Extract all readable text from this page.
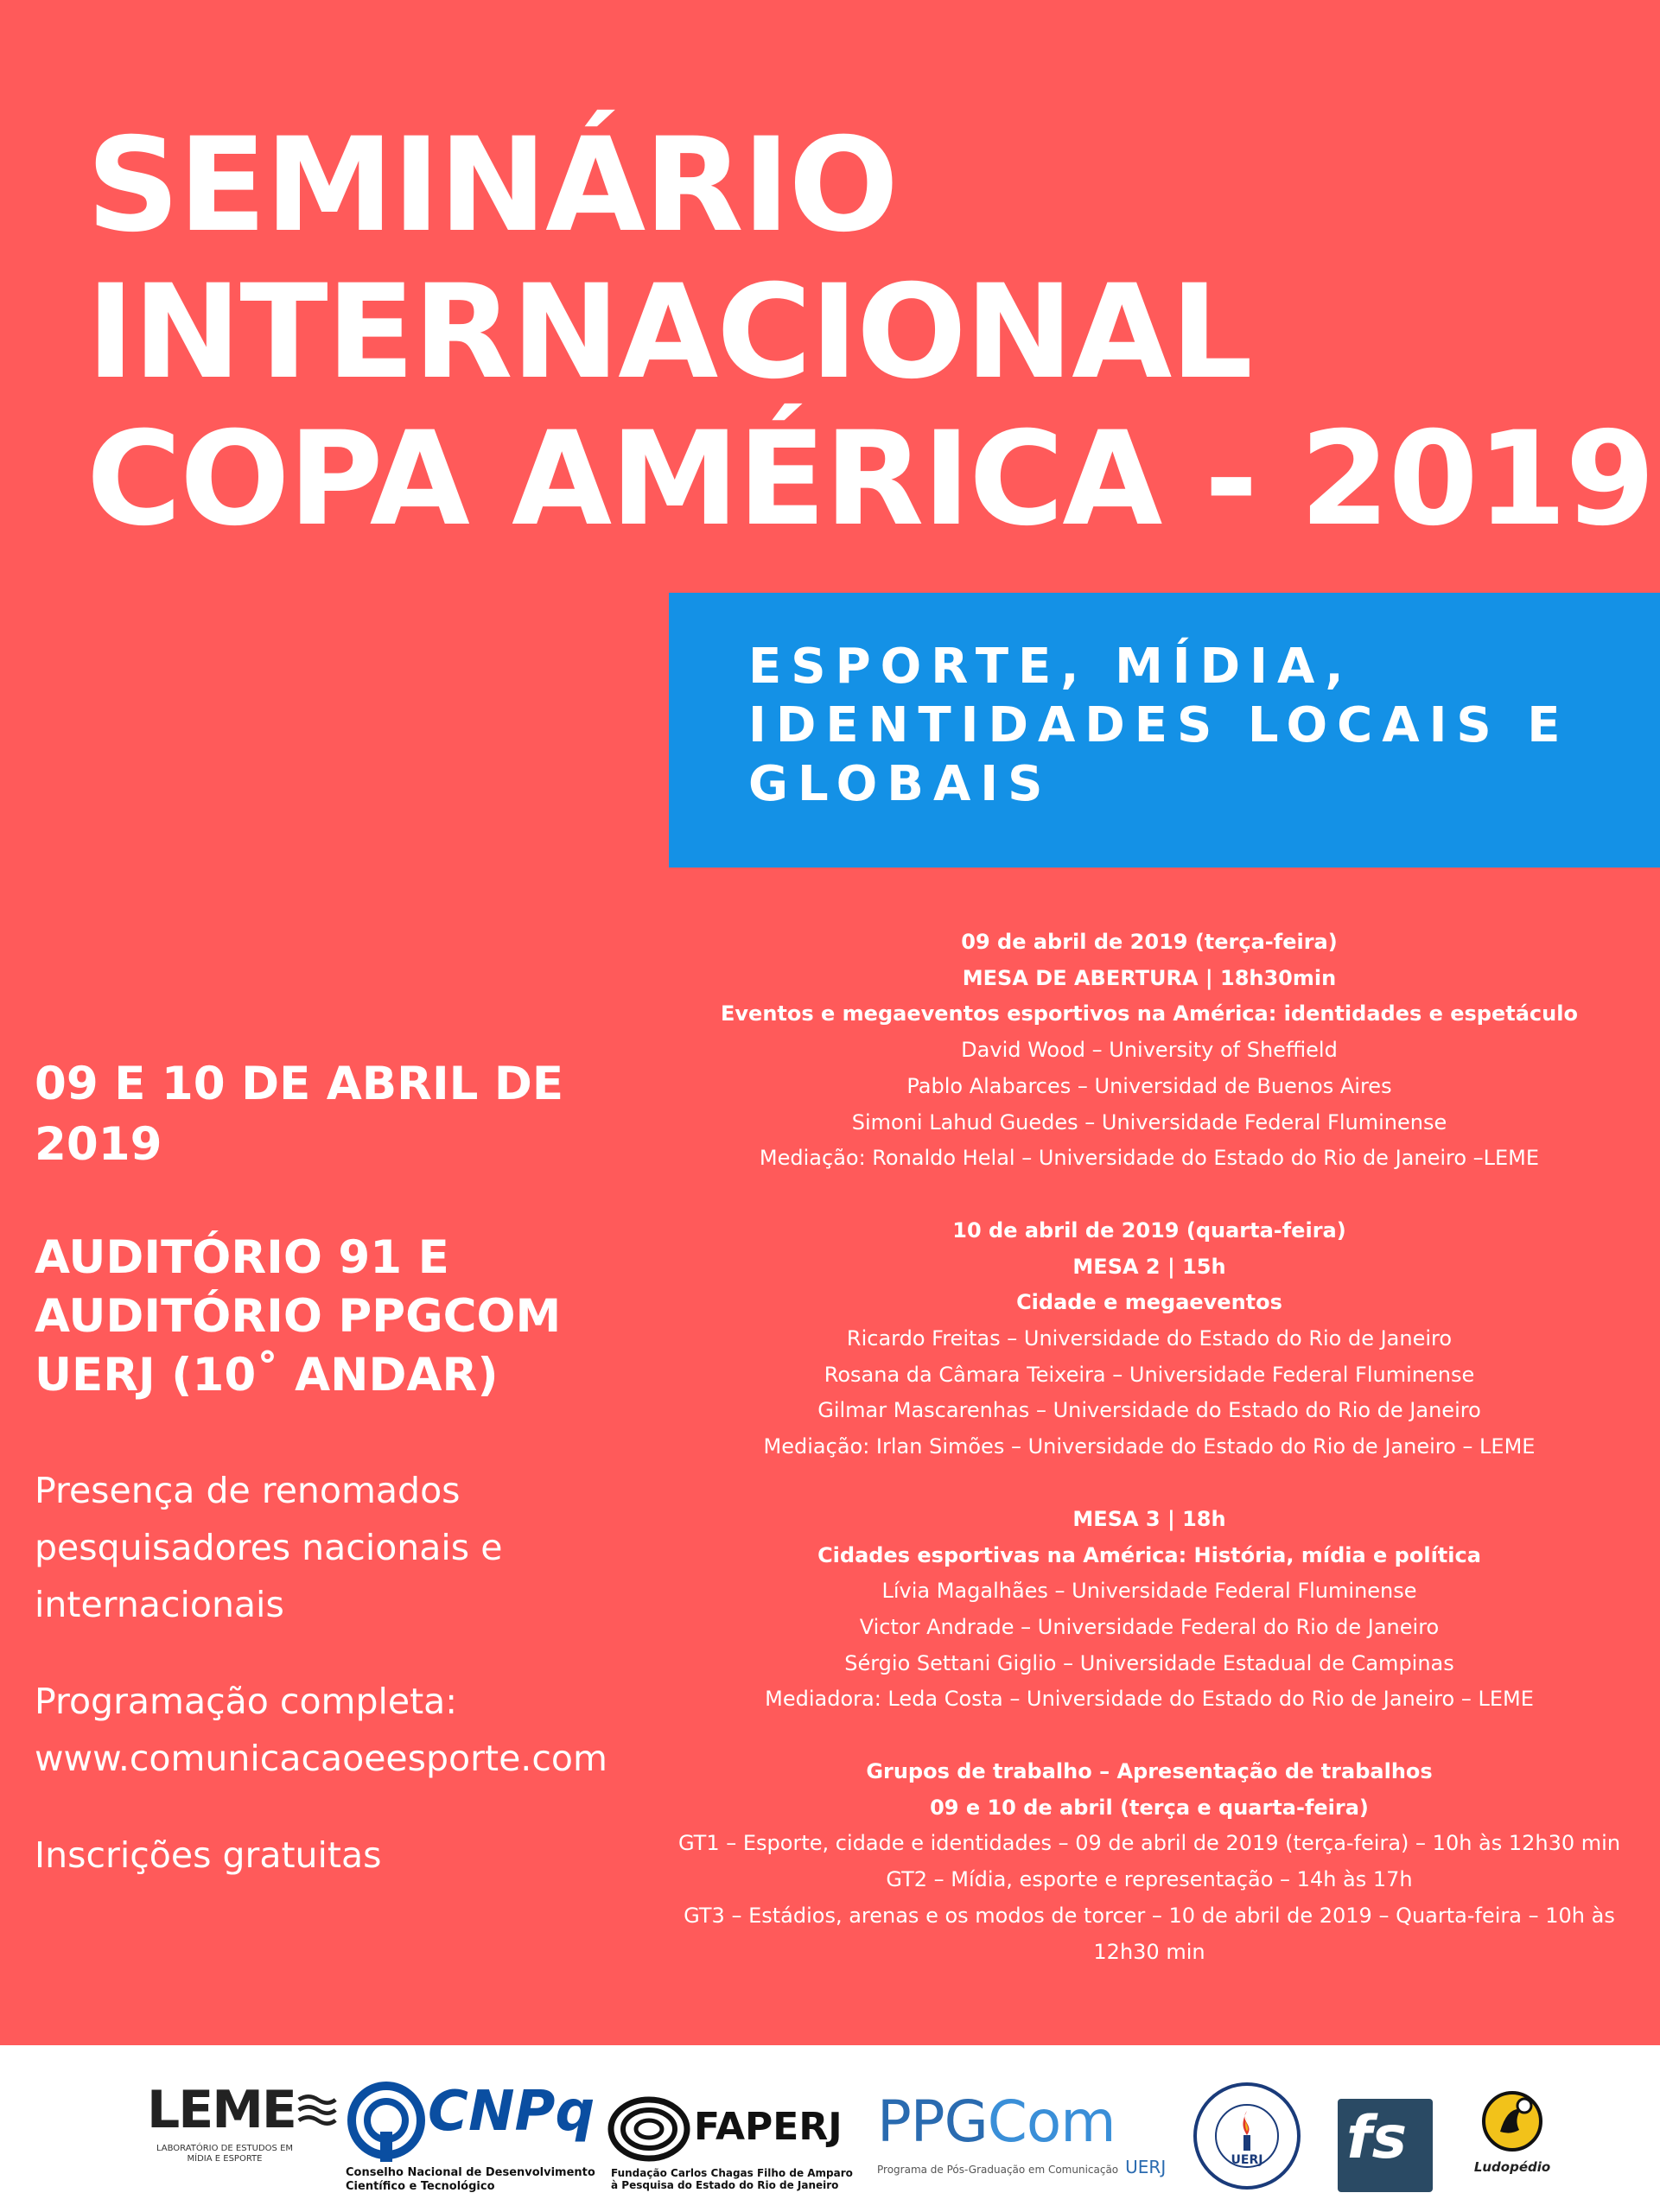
SEMINÁRIO
INTERNACIONAL
COPA AMÉRICA - 2019
ESPORTE, MÍDIA,
IDENTIDADES LOCAIS E
GLOBAIS
09 E 10 DE ABRIL DE 2019
AUDITÓRIO 91 E
AUDITÓRIO PPGCOM
UERJ (10˚ ANDAR)
Presença de renomados
pesquisadores nacionais e
internacionais
Programação completa:
www.comunicacaoeesporte.com
Inscrições gratuitas
09 de abril de 2019 (terça-feira)
MESA DE ABERTURA | 18h30min
Eventos e megaeventos esportivos na América: identidades e espetáculo
David Wood – University of Sheffield
Pablo Alabarces – Universidad de Buenos Aires
Simoni Lahud Guedes – Universidade Federal Fluminense
Mediação: Ronaldo Helal – Universidade do Estado do Rio de Janeiro –LEME
10 de abril de 2019 (quarta-feira)
MESA 2 | 15h
Cidade e megaeventos
Ricardo Freitas – Universidade do Estado do Rio de Janeiro
Rosana da Câmara Teixeira – Universidade Federal Fluminense
Gilmar Mascarenhas – Universidade do Estado do Rio de Janeiro
Mediação: Irlan Simões – Universidade do Estado do Rio de Janeiro – LEME
MESA 3 | 18h
Cidades esportivas na América: História, mídia e política
Lívia Magalhães – Universidade Federal Fluminense
Victor Andrade – Universidade Federal do Rio de Janeiro
Sérgio Settani Giglio – Universidade Estadual de Campinas
Mediadora: Leda Costa – Universidade do Estado do Rio de Janeiro – LEME
Grupos de trabalho – Apresentação de trabalhos
09 e 10 de abril (terça e quarta-feira)
GT1 – Esporte, cidade e identidades – 09 de abril de 2019 (terça-feira) – 10h às 12h30 min
GT2 – Mídia, esporte e representação – 14h às 17h
GT3 – Estádios, arenas e os modos de torcer – 10 de abril de 2019 – Quarta-feira – 10h às
12h30 min
LEME
LABORATÓRIO DE ESTUDOS EM
MÍDIA E ESPORTE
CNPq
Conselho Nacional de Desenvolvimento
Científico e Tecnológico
FAPERJ
Fundação Carlos Chagas Filho de Amparo
à Pesquisa do Estado do Rio de Janeiro
PPGCom
Programa de Pós-Graduação em Comunicação UERJ	UERJ	fs	Ludopédio
